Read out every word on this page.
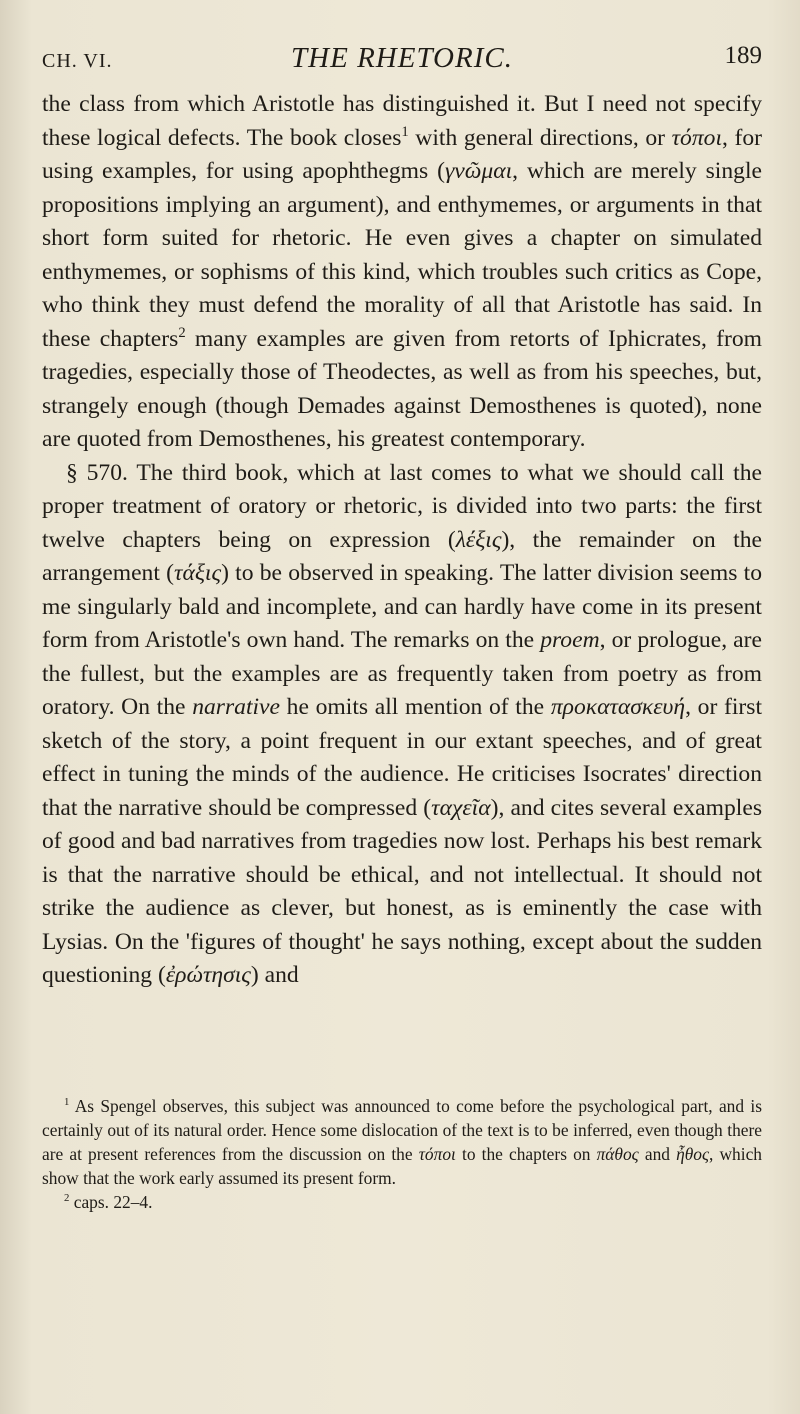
CH. VI.	THE RHETORIC.	189

the class from which Aristotle has distinguished it. But I need not specify these logical defects. The book closes$^1$ with general directions, or τόποι, for using examples, for using apophthegms (γνῶμαι, which are merely single propositions implying an argument), and enthymemes, or arguments in that short form suited for rhetoric. He even gives a chapter on simulated enthymemes, or sophisms of this kind, which troubles such critics as Cope, who think they must defend the morality of all that Aristotle has said. In these chapters$^2$ many examples are given from retorts of Iphicrates, from tragedies, especially those of Theodectes, as well as from his speeches, but, strangely enough (though Demades against Demosthenes is quoted), none are quoted from Demosthenes, his greatest contemporary.

§ 570. The third book, which at last comes to what we should call the proper treatment of oratory or rhetoric, is divided into two parts: the first twelve chapters being on expression (λέξις), the remainder on the arrangement (τάξις) to be observed in speaking. The latter division seems to me singularly bald and incomplete, and can hardly have come in its present form from Aristotle's own hand. The remarks on the proem, or prologue, are the fullest, but the examples are as frequently taken from poetry as from oratory. On the narrative he omits all mention of the προκατασκευή, or first sketch of the story, a point frequent in our extant speeches, and of great effect in tuning the minds of the audience. He criticises Isocrates' direction that the narrative should be compressed (ταχεῖα), and cites several examples of good and bad narratives from tragedies now lost. Perhaps his best remark is that the narrative should be ethical, and not intellectual. It should not strike the audience as clever, but honest, as is eminently the case with Lysias. On the 'figures of thought' he says nothing, except about the sudden questioning (ἐρώτησις) and

$^1$ As Spengel observes, this subject was announced to come before the psychological part, and is certainly out of its natural order. Hence some dislocation of the text is to be inferred, even though there are at present references from the discussion on the τόποι to the chapters on πάθος and ἦθος, which show that the work early assumed its present form.

$^2$ caps. 22–4.
